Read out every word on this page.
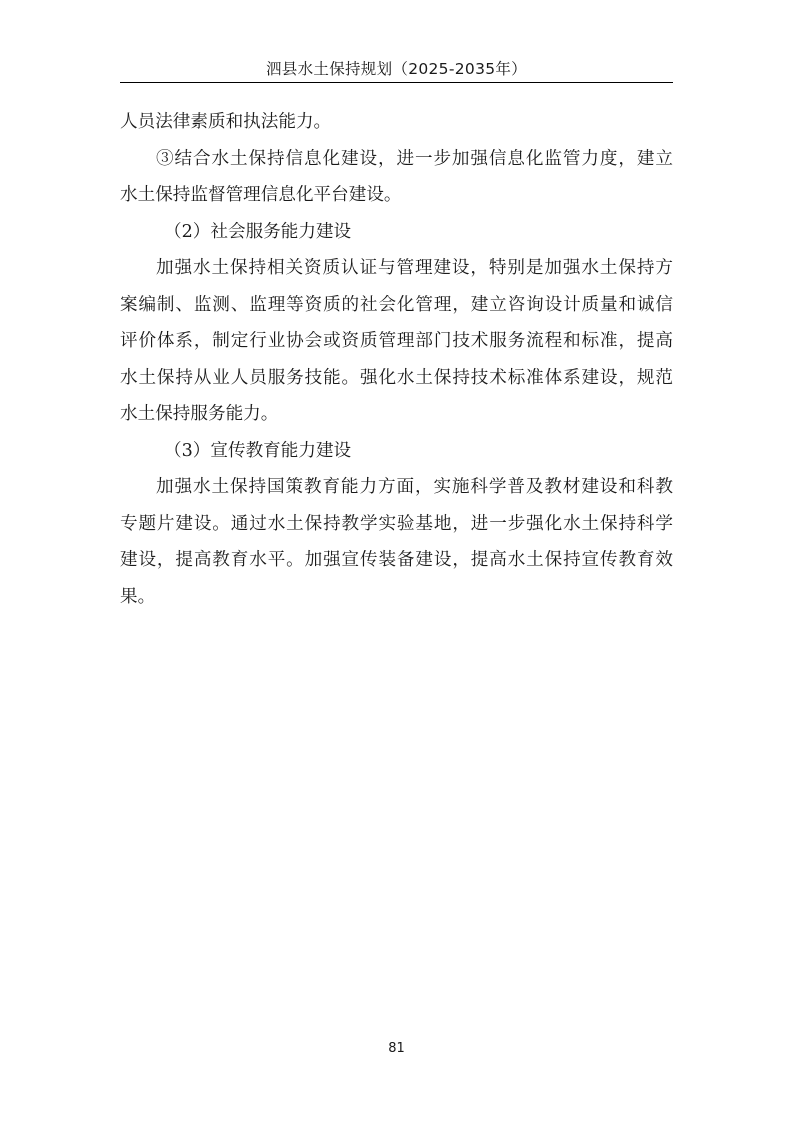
泗县水土保持规划（2025-2035年）
人员法律素质和执法能力。
③结合水土保持信息化建设，进一步加强信息化监管力度，建立
水土保持监督管理信息化平台建设。
（2）社会服务能力建设
加强水土保持相关资质认证与管理建设，特别是加强水土保持方
案编制、监测、监理等资质的社会化管理，建立咨询设计质量和诚信
评价体系，制定行业协会或资质管理部门技术服务流程和标准，提高
水土保持从业人员服务技能。强化水土保持技术标准体系建设，规范
水土保持服务能力。
（3）宣传教育能力建设
加强水土保持国策教育能力方面，实施科学普及教材建设和科教
专题片建设。通过水土保持教学实验基地，进一步强化水土保持科学
建设，提高教育水平。加强宣传装备建设，提高水土保持宣传教育效
果。
81
